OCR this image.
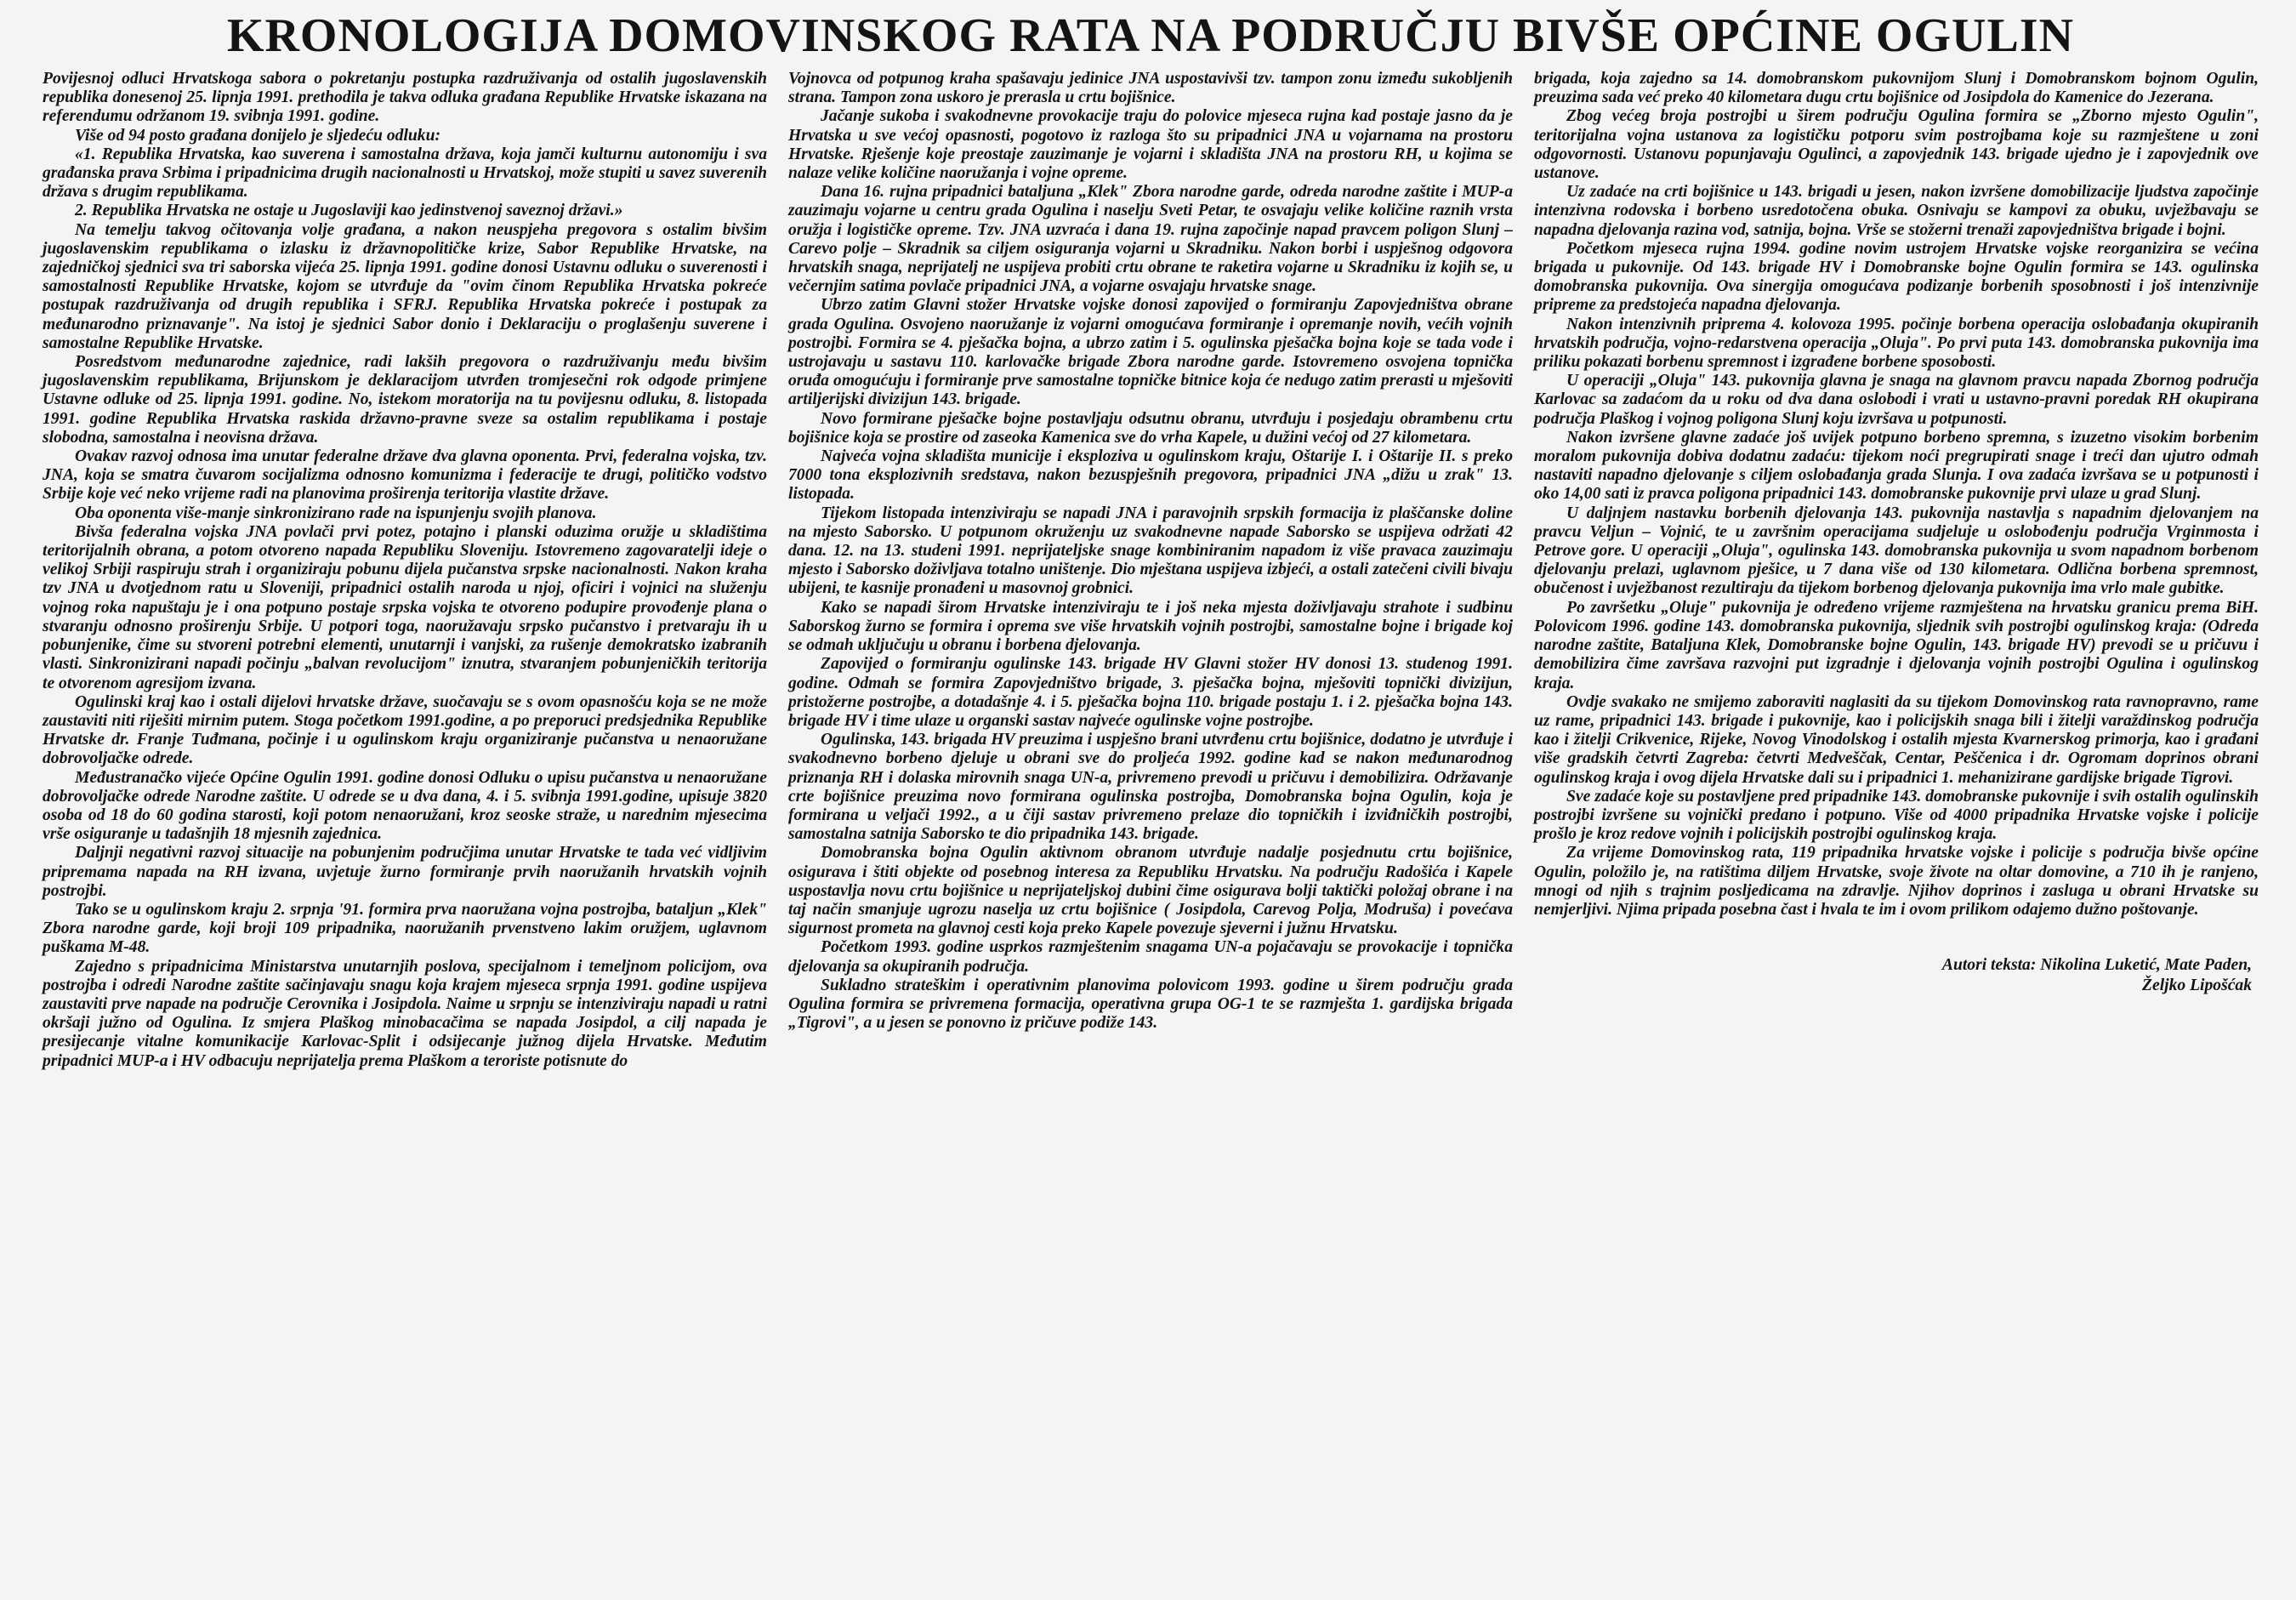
KRONOLOGIJA DOMOVINSKOG RATA NA PODRUČJU BIVŠE OPĆINE OGULIN

Povijesnoj odluci Hrvatskoga sabora o pokretanju postupka razdruživanja od ostalih jugoslavenskih republika donesenoj 25. lipnja 1991. prethodila je takva odluka građana Republike Hrvatske iskazana na referendumu održanom 19. svibnja 1991. godine.

Više od 94 posto građana donijelo je sljedeću odluku:

«1. Republika Hrvatska, kao suverena i samostalna država, koja jamči kulturnu autonomiju i sva građanska prava Srbima i pripadnicima drugih nacionalnosti u Hrvatskoj, može stupiti u savez suverenih država s drugim republikama.

2. Republika Hrvatska ne ostaje u Jugoslaviji kao jedinstvenoj saveznoj državi.»

Na temelju takvog očitovanja volje građana, a nakon neuspjeha pregovora s ostalim bivšim jugoslavenskim republikama o izlasku iz državnopolitičke krize, Sabor Republike Hrvatske, na zajedničkoj sjednici sva tri saborska vijeća 25. lipnja 1991. godine donosi Ustavnu odluku o suverenosti i samostalnosti Republike Hrvatske, kojom se utvrđuje da "ovim činom Republika Hrvatska pokreće postupak razdruživanja od drugih republika i SFRJ. Republika Hrvatska pokreće i postupak za međunarodno priznavanje". Na istoj je sjednici Sabor donio i Deklaraciju o proglašenju suverene i samostalne Republike Hrvatske.

Posredstvom međunarodne zajednice, radi lakših pregovora o razdruživanju među bivšim jugoslavenskim republikama, Brijunskom je deklaracijom utvrđen tromjesečni rok odgode primjene Ustavne odluke od 25. lipnja 1991. godine. No, istekom moratorija na tu povijesnu odluku, 8. listopada 1991. godine Republika Hrvatska raskida državno-pravne sveze sa ostalim republikama i postaje slobodna, samostalna i neovisna država.

Ovakav razvoj odnosa ima unutar federalne države dva glavna oponenta. Prvi, federalna vojska, tzv. JNA, koja se smatra čuvarom socijalizma odnosno komunizma i federacije te drugi, političko vodstvo Srbije koje već neko vrijeme radi na planovima proširenja teritorija vlastite države.

Oba oponenta više-manje sinkronizirano rade na ispunjenju svojih planova.

Bivša federalna vojska JNA povlači prvi potez, potajno i planski oduzima oružje u skladištima teritorijalnih obrana, a potom otvoreno napada Republiku Sloveniju. Istovremeno zagovaratelji ideje o velikoj Srbiji raspiruju strah i organiziraju pobunu dijela pučanstva srpske nacionalnosti. Nakon kraha tzv JNA u dvotjednom ratu u Sloveniji, pripadnici ostalih naroda u njoj, oficiri i vojnici na služenju vojnog roka napuštaju je i ona potpuno postaje srpska vojska te otvoreno podupire provođenje plana o stvaranju odnosno proširenju Srbije. U potpori toga, naoružavaju srpsko pučanstvo i pretvaraju ih u pobunjenike, čime su stvoreni potrebni elementi, unutarnji i vanjski, za rušenje demokratsko izabranih vlasti. Sinkronizirani napadi počinju „balvan revolucijom" iznutra, stvaranjem pobunjeničkih teritorija te otvorenom agresijom izvana.

Ogulinski kraj kao i ostali dijelovi hrvatske države, suočavaju se s ovom opasnošću koja se ne može zaustaviti niti riješiti mirnim putem. Stoga početkom 1991.godine, a po preporuci predsjednika Republike Hrvatske dr. Franje Tuđmana, počinje i u ogulinskom kraju organiziranje pučanstva u nenaoružane dobrovoljačke odrede.

Međustranačko vijeće Općine Ogulin 1991. godine donosi Odluku o upisu pučanstva u nenaoružane dobrovoljačke odrede Narodne zaštite. U odrede se u dva dana, 4. i 5. svibnja 1991.godine, upisuje 3820 osoba od 18 do 60 godina starosti, koji potom nenaoružani, kroz seoske straže, u narednim mjesecima vrše osiguranje u tadašnjih 18 mjesnih zajednica.

Daljnji negativni razvoj situacije na pobunjenim područjima unutar Hrvatske te tada već vidljivim pripremama napada na RH izvana, uvjetuje žurno formiranje prvih naoružanih hrvatskih vojnih postrojbi.

Tako se u ogulinskom kraju 2. srpnja '91. formira prva naoružana vojna postrojba, bataljun „Klek" Zbora narodne garde, koji broji 109 pripadnika, naoružanih prvenstveno lakim oružjem, uglavnom puškama M-48.

Zajedno s pripadnicima Ministarstva unutarnjih poslova, specijalnom i temeljnom policijom, ova postrojba i odredi Narodne zaštite sačinjavaju snagu koja krajem mjeseca srpnja 1991. godine uspijeva zaustaviti prve napade na područje Cerovnika i Josipdola. Naime u srpnju se intenziviraju napadi u ratni okršaji južno od Ogulina. Iz smjera Plaškog minobacačima se napada Josipdol, a cilj napada je presijecanje vitalne komunikacije Karlovac-Split i odsijecanje južnog dijela Hrvatske. Međutim pripadnici MUP-a i HV odbacuju neprijatelja prema Plaškom a teroriste potisnute do

Vojnovca od potpunog kraha spašavaju jedinice JNA uspostavivši tzv. tampon zonu između sukobljenih strana. Tampon zona uskoro je prerasla u crtu bojišnice.

Jačanje sukoba i svakodnevne provokacije traju do polovice mjeseca rujna kad postaje jasno da je Hrvatska u sve većoj opasnosti, pogotovo iz razloga što su pripadnici JNA u vojarnama na prostoru Hrvatske. Rješenje koje preostaje zauzimanje je vojarni i skladišta JNA na prostoru RH, u kojima se nalaze velike količine naoružanja i vojne opreme.

Dana 16. rujna pripadnici bataljuna „Klek" Zbora narodne garde, odreda narodne zaštite i MUP-a zauzimaju vojarne u centru grada Ogulina i naselju Sveti Petar, te osvajaju velike količine raznih vrsta oružja i logističke opreme. Tzv. JNA uzvraća i dana 19. rujna započinje napad pravcem poligon Slunj – Carevo polje – Skradnik sa ciljem osiguranja vojarni u Skradniku. Nakon borbi i uspješnog odgovora hrvatskih snaga, neprijatelj ne uspijeva probiti crtu obrane te raketira vojarne u Skradniku iz kojih se, u večernjim satima povlače pripadnici JNA, a vojarne osvajaju hrvatske snage.

Ubrzo zatim Glavni stožer Hrvatske vojske donosi zapovijed o formiranju Zapovjedništva obrane grada Ogulina. Osvojeno naoružanje iz vojarni omogućava formiranje i opremanje novih, većih vojnih postrojbi. Formira se 4. pješačka bojna, a ubrzo zatim i 5. ogulinska pješačka bojna koje se tada vode i ustrojavaju u sastavu 110. karlovačke brigade Zbora narodne garde. Istovremeno osvojena topnička oruđa omogućuju i formiranje prve samostalne topničke bitnice koja će nedugo zatim prerasti u mješoviti artiljerijski divizijun 143. brigade.

Novo formirane pješačke bojne postavljaju odsutnu obranu, utvrđuju i posjedaju obrambenu crtu bojišnice koja se prostire od zaseoka Kamenica sve do vrha Kapele, u dužini većoj od 27 kilometara.

Najveća vojna skladišta municije i eksploziva u ogulinskom kraju, Oštarije I. i Oštarije II. s preko 7000 tona eksplozivnih sredstava, nakon bezuspješnih pregovora, pripadnici JNA „dižu u zrak" 13. listopada.

Tijekom listopada intenziviraju se napadi JNA i paravojnih srpskih formacija iz plaščanske doline na mjesto Saborsko. U potpunom okruženju uz svakodnevne napade Saborsko se uspijeva održati 42 dana. 12. na 13. studeni 1991. neprijateljske snage kombiniranim napadom iz više pravaca zauzimaju mjesto i Saborsko doživljava totalno uništenje. Dio mještana uspijeva izbjeći, a ostali zatečeni civili bivaju ubijeni, te kasnije pronađeni u masovnoj grobnici.

Kako se napadi širom Hrvatske intenziviraju te i još neka mjesta doživljavaju strahote i sudbinu Saborskog žurno se formira i oprema sve više hrvatskih vojnih postrojbi, samostalne bojne i brigade koj se odmah uključuju u obranu i borbena djelovanja.

Zapovijed o formiranju ogulinske 143. brigade HV Glavni stožer HV donosi 13. studenog 1991. godine. Odmah se formira Zapovjedništvo brigade, 3. pješačka bojna, mješoviti topnički divizijun, pristožerne postrojbe, a dotadašnje 4. i 5. pješačka bojna 110. brigade postaju 1. i 2. pješačka bojna 143. brigade HV i time ulaze u organski sastav najveće ogulinske vojne postrojbe.

Ogulinska, 143. brigada HV preuzima i uspješno brani utvrđenu crtu bojišnice, dodatno je utvrđuje i svakodnevno borbeno djeluje u obrani sve do proljeća 1992. godine kad se nakon međunarodnog priznanja RH i dolaska mirovnih snaga UN-a, privremeno prevodi u pričuvu i demobilizira. Održavanje crte bojišnice preuzima novo formirana ogulinska postrojba, Domobranska bojna Ogulin, koja je formirana u veljači 1992., a u čiji sastav privremeno prelaze dio topničkih i izviđničkih postrojbi, samostalna satnija Saborsko te dio pripadnika 143. brigade.

Domobranska bojna Ogulin aktivnom obranom utvrđuje nadalje posjednutu crtu bojišnice, osigurava i štiti objekte od posebnog interesa za Republiku Hrvatsku. Na području Radošića i Kapele uspostavlja novu crtu bojišnice u neprijateljskoj dubini čime osiguravа bolji taktički položaj obrane i na taj način smanjuje ugrozu naselja uz crtu bojišnice ( Josipdola, Carevog Polja, Modruša) i povećava sigurnost prometa na glavnoj cesti koja preko Kapele povezuje sjeverni i južnu Hrvatsku.

Početkom 1993. godine usprkos razmještenim snagama UN-a pojačavaju se provokacije i topnička djelovanja sa okupiranih područja.

Sukladno strateškim i operativnim planovima polovicom 1993. godine u širem području grada Ogulina formira se privremena formacija, operativna grupa OG-1 te se razmješta 1. gardijska brigada „Tigrovi", a u jesen se ponovno iz pričuve podiže 143.

brigada, koja zajedno sa 14. domobranskom pukovnijom Slunj i Domobranskom bojnom Ogulin, preuzima sada već preko 40 kilometara dugu crtu bojišnice od Josipdola do Kamenice do Jezerana.

Zbog većeg broja postrojbi u širem području Ogulina formira se „Zborno mjesto Ogulin", teritorijalna vojna ustanova za logističku potporu svim postrojbama koje su razmještene u zoni odgovornosti. Ustanovu popunjavaju Ogulinci, a zapovjednik 143. brigade ujedno je i zapovjednik ove ustanove.

Uz zadaće na crti bojišnice u 143. brigadi u jesen, nakon izvršene domobilizacije ljudstva započinje intenzivna rodovska i borbeno usredotočena obuka. Osnivaju se kampovi za obuku, uvježbavaju se napadna djelovanja razina vod, satnija, bojna. Vrše se stožerni trenaži zapovjedništva brigade i bojni.

Početkom mjeseca rujna 1994. godine novim ustrojem Hrvatske vojske reorganizira se većina brigada u pukovnije. Od 143. brigade HV i Domobranske bojne Ogulin formira se 143. ogulinska domobranska pukovnija. Ova sinergija omogućava podizanje borbenih sposobnosti i još intenzivnije pripreme za predstojeća napadna djelovanja.

Nakon intenzivnih priprema 4. kolovoza 1995. počinje borbena operacija oslobađanja okupiranih hrvatskih područja, vojno-redarstvena operacija „Oluja". Po prvi puta 143. domobranska pukovnija ima priliku pokazati borbenu spremnost i izgrađene borbene sposobosti.

U operaciji „Oluja" 143. pukovnija glavna je snaga na glavnom pravcu napada Zbornog područja Karlovac sa zadaćom da u roku od dva dana oslobodi i vrati u ustavno-pravni poredak RH okupirana područja Plaškog i vojnog poligona Slunj koju izvršava u potpunosti.

Nakon izvršene glavne zadaće još uvijek potpuno borbeno spremna, s izuzetno visokim borbenim moralom pukovnija dobiva dodatnu zadaću: tijekom noći pregrupirati snage i treći dan ujutro odmah nastaviti napadno djelovanje s ciljem oslobađanja grada Slunja. I ova zadaća izvršava se u potpunosti i oko 14,00 sati iz pravca poligona pripadnici 143. domobranske pukovnije prvi ulaze u grad Slunj.

U daljnjem nastavku borbenih djelovanja 143. pukovnija nastavlja s napadnim djelovanjem na pravcu Veljun – Vojnić, te u završnim operacijama sudjeluje u oslobođenju područja Vrginmosta i Petrove gore. U operaciji „Oluja", ogulinska 143. domobranska pukovnija u svom napadnom borbenom djelovanju prelazi, uglavnom pješice, u 7 dana više od 130 kilometara. Odlična borbena spremnost, obučenost i uvježbanost rezultiraju da tijekom borbenog djelovanja pukovnija ima vrlo male gubitke.

Po završetku „Oluje" pukovnija je određeno vrijeme razmještena na hrvatsku granicu prema BiH. Polovicom 1996. godine 143. domobranska pukovnija, sljednik svih postrojbi ogulinskog kraja: (Odreda narodne zaštite, Bataljuna Klek, Domobranske bojne Ogulin, 143. brigade HV) prevodi se u pričuvu i demobilizira čime završava razvojni put izgradnje i djelovanja vojnih postrojbi Ogulina i ogulinskog kraja.

Ovdje svakako ne smijemo zaboraviti naglasiti da su tijekom Domovinskog rata ravnopravno, rame uz rame, pripadnici 143. brigade i pukovnije, kao i policijskih snaga bili i žitelji varaždinskog područja kao i žitelji Crikvenice, Rijeke, Novog Vinodolskog i ostalih mjesta Kvarnerskog primorja, kao i građani više gradskih četvrti Zagreba: četvrti Medveščak, Centar, Peščenica i dr. Ogromam doprinos obrani ogulinskog kraja i ovog dijela Hrvatske dali su i pripadnici 1. mehanizirane gardijske brigade Tigrovi.

Sve zadaće koje su postavljene pred pripadnike 143. domobranske pukovnije i svih ostalih ogulinskih postrojbi izvršene su vojnički predano i potpuno. Više od 4000 pripadnika Hrvatske vojske i policije prošlo je kroz redove vojnih i policijskih postrojbi ogulinskog kraja.

Za vrijeme Domovinskog rata, 119 pripadnika hrvatske vojske i policije s područja bivše općine Ogulin, položilo je, na ratištima diljem Hrvatske, svoje živote na oltar domovine, a 710 ih je ranjeno, mnogi od njih s trajnim posljedicama na zdravlje. Njihov doprinos i zasluga u obrani Hrvatske su nemjerljivi. Njima pripada posebna čast i hvala te im i ovom prilikom odajemo dužno poštovanje.

Autori teksta: Nikolina Luketić, Mate Paden,
Željko Lipošćak
